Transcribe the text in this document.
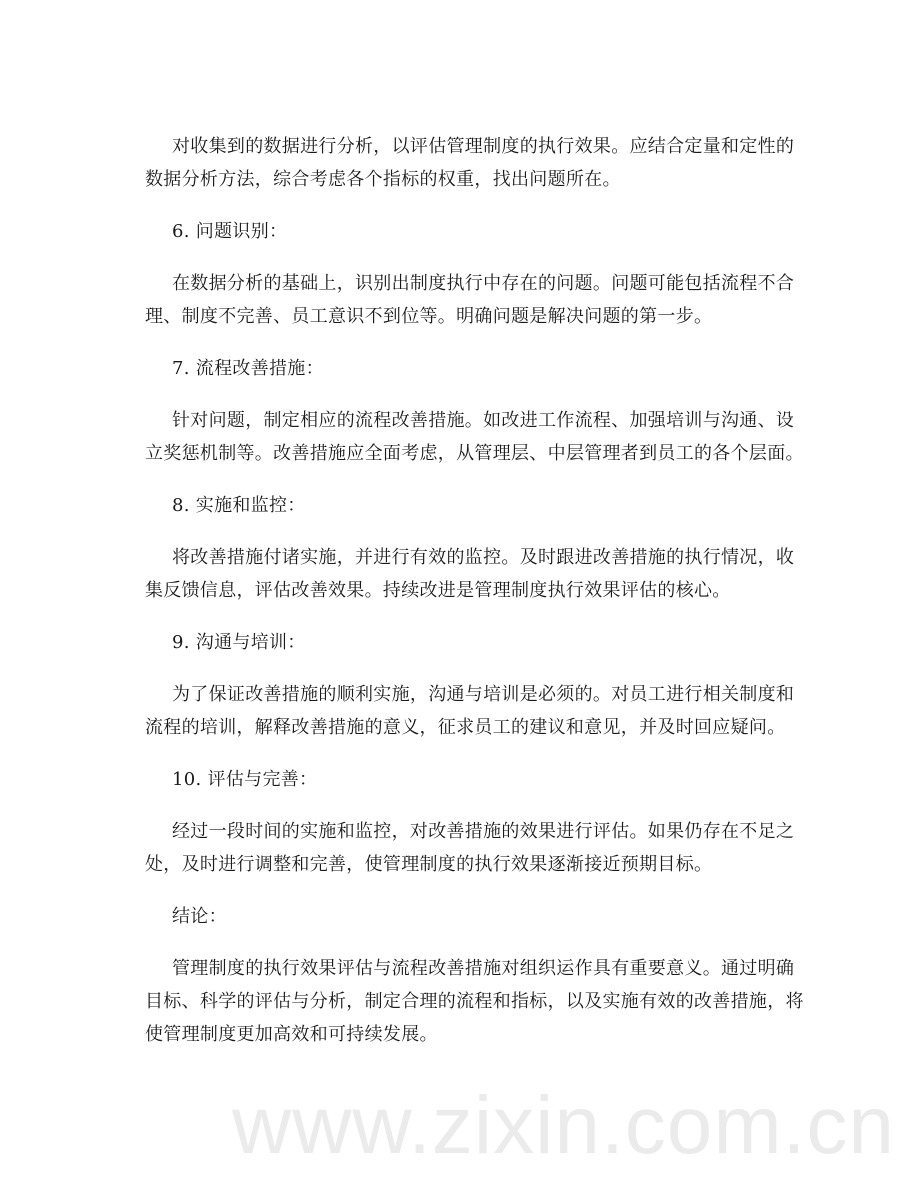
www.zixin.com.cn
对收集到的数据进行分析，以评估管理制度的执行效果。应结合定量和定性的
数据分析方法，综合考虑各个指标的权重，找出问题所在。
6. 问题识别：
在数据分析的基础上，识别出制度执行中存在的问题。问题可能包括流程不合
理、制度不完善、员工意识不到位等。明确问题是解决问题的第一步。
7. 流程改善措施：
针对问题，制定相应的流程改善措施。如改进工作流程、加强培训与沟通、设
立奖惩机制等。改善措施应全面考虑，从管理层、中层管理者到员工的各个层面。
8. 实施和监控：
将改善措施付诸实施，并进行有效的监控。及时跟进改善措施的执行情况，收
集反馈信息，评估改善效果。持续改进是管理制度执行效果评估的核心。
9. 沟通与培训：
为了保证改善措施的顺利实施，沟通与培训是必须的。对员工进行相关制度和
流程的培训，解释改善措施的意义，征求员工的建议和意见，并及时回应疑问。
10. 评估与完善：
经过一段时间的实施和监控，对改善措施的效果进行评估。如果仍存在不足之
处，及时进行调整和完善，使管理制度的执行效果逐渐接近预期目标。
结论：
管理制度的执行效果评估与流程改善措施对组织运作具有重要意义。通过明确
目标、科学的评估与分析，制定合理的流程和指标，以及实施有效的改善措施，将
使管理制度更加高效和可持续发展。
